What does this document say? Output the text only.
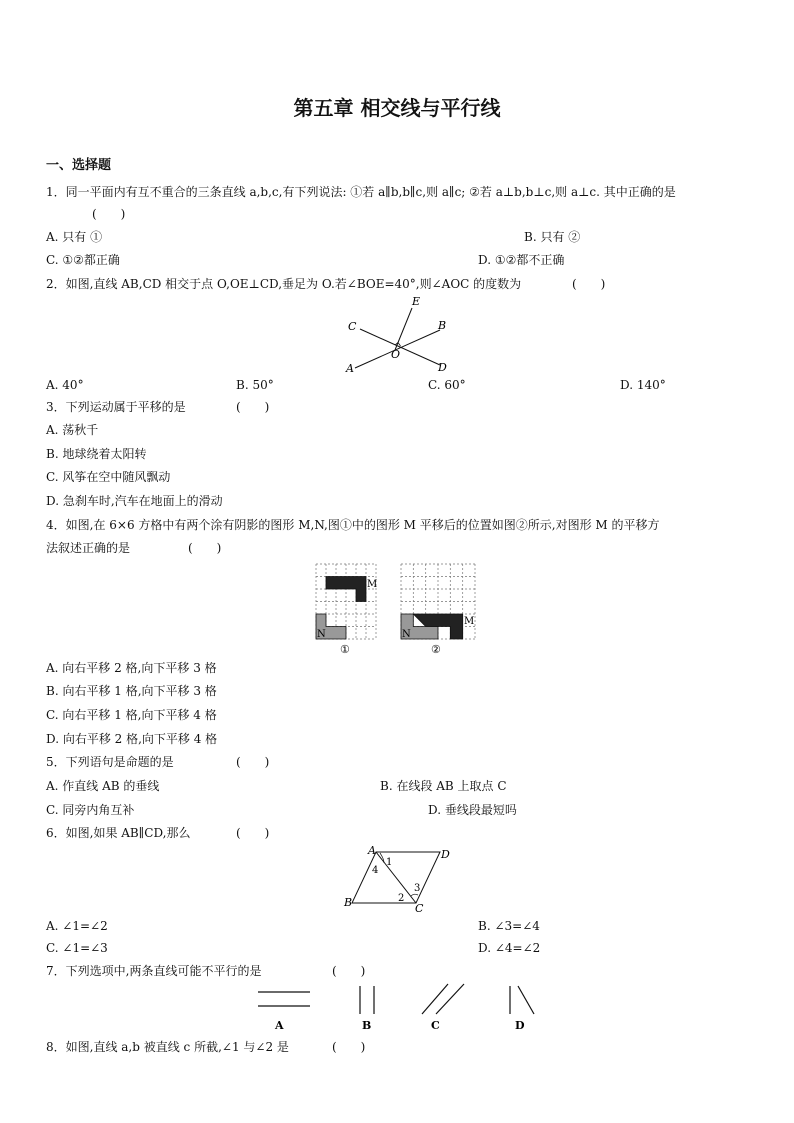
第五章 相交线与平行线
一、选择题
1．同一平面内有互不重合的三条直线 a,b,c,有下列说法: ①若 a∥b,b∥c,则 a∥c; ②若 a⊥b,b⊥c,则 a⊥c. 其中正确的是
(　　)
A. 只有 ①	B. 只有 ②
C. ①②都正确	D. ①②都不正确
2．如图,直线 AB,CD 相交于点 O,OE⊥CD,垂足为 O.若∠BOE=40°,则∠AOC 的度数为	(　　)
E
C	B
O
A	D
A. 40°	B. 50°	C. 60°	D. 140°
3．下列运动属于平移的是	(　　)
A. 荡秋千
B. 地球绕着太阳转
C. 风筝在空中随风飘动
D. 急刹车时,汽车在地面上的滑动
4．如图,在 6×6 方格中有两个涂有阴影的图形 M,N,图①中的图形 M 平移后的位置如图②所示,对图形 M 的平移方
法叙述正确的是	(　　)
M
N
①
M
N
②
A. 向右平移 2 格,向下平移 3 格
B. 向右平移 1 格,向下平移 3 格
C. 向右平移 1 格,向下平移 4 格
D. 向右平移 2 格,向下平移 4 格
5．下列语句是命题的是	(　　)
A. 作直线 AB 的垂线	B. 在线段 AB 上取点 C
C. 同旁内角互补	D. 垂线段最短吗
6．如图,如果 AB∥CD,那么	(　　)
A	D
B	C
1
4
3
2
A. ∠1=∠2	B. ∠3=∠4
C. ∠1=∠3	D. ∠4=∠2
7．下列选项中,两条直线可能不平行的是	(　　)
A	B	C	D
8．如图,直线 a,b 被直线 c 所截,∠1 与∠2 是	(　　)
